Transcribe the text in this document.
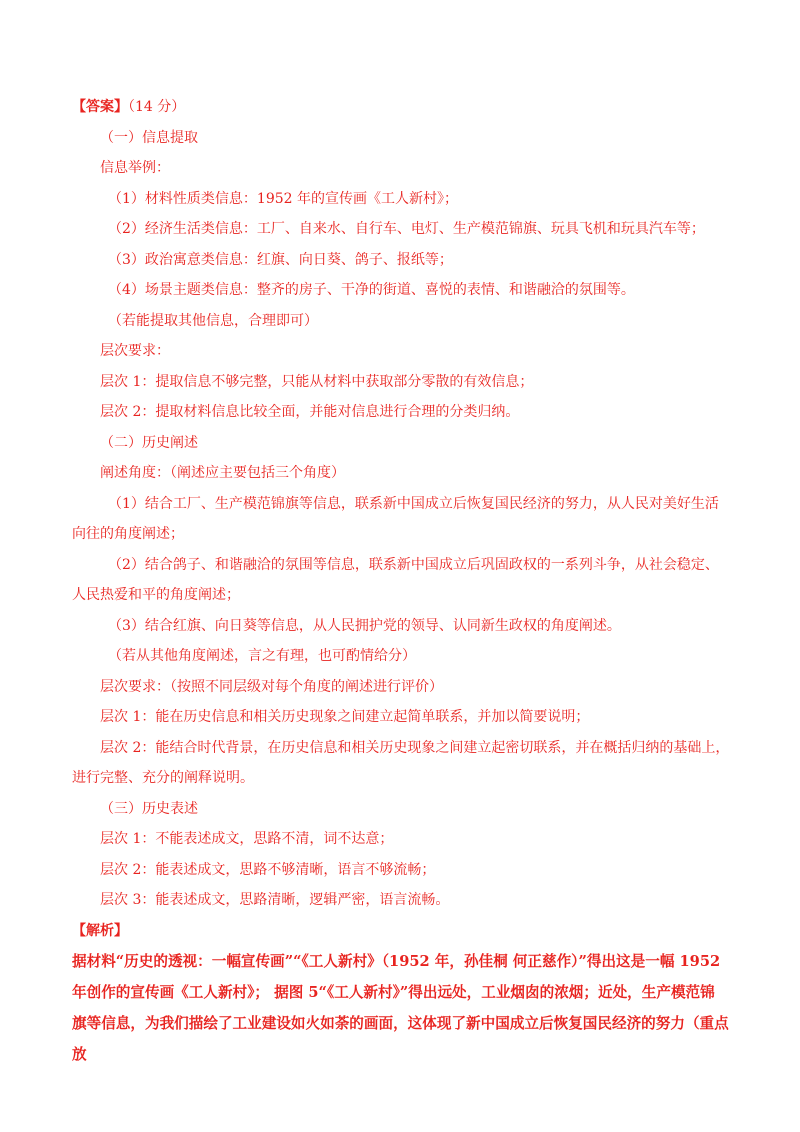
【答案】（14 分）
（一）信息提取
信息举例：
（1）材料性质类信息：1952 年的宣传画《工人新村》；
（2）经济生活类信息：工厂、自来水、自行车、电灯、生产模范锦旗、玩具飞机和玩具汽车等；
（3）政治寓意类信息：红旗、向日葵、鸽子、报纸等；
（4）场景主题类信息：整齐的房子、干净的街道、喜悦的表情、和谐融洽的氛围等。
（若能提取其他信息，合理即可）
层次要求：
层次 1：提取信息不够完整，只能从材料中获取部分零散的有效信息；
层次 2：提取材料信息比较全面，并能对信息进行合理的分类归纳。
（二）历史阐述
阐述角度：（阐述应主要包括三个角度）
（1）结合工厂、生产模范锦旗等信息，联系新中国成立后恢复国民经济的努力，从人民对美好生活
向往的角度阐述；
（2）结合鸽子、和谐融洽的氛围等信息，联系新中国成立后巩固政权的一系列斗争，从社会稳定、
人民热爱和平的角度阐述；
（3）结合红旗、向日葵等信息，从人民拥护党的领导、认同新生政权的角度阐述。
（若从其他角度阐述，言之有理，也可酌情给分）
层次要求：（按照不同层级对每个角度的阐述进行评价）
层次 1：能在历史信息和相关历史现象之间建立起简单联系，并加以简要说明；
层次 2：能结合时代背景，在历史信息和相关历史现象之间建立起密切联系，并在概括归纳的基础上，
进行完整、充分的阐释说明。
（三）历史表述
层次 1：不能表述成文，思路不清，词不达意；
层次 2：能表述成文，思路不够清晰，语言不够流畅；
层次 3：能表述成文，思路清晰，逻辑严密，语言流畅。
【解析】
据材料“历史的透视：一幅宣传画”“《工人新村》（1952 年，孙佳桐 何正慈作）”得出这是一幅 1952
年创作的宣传画《工人新村》； 据图 5“《工人新村》”得出远处，工业烟囱的浓烟；近处，生产模范锦
旗等信息，为我们描绘了工业建设如火如荼的画面，这体现了新中国成立后恢复国民经济的努力（重点放
